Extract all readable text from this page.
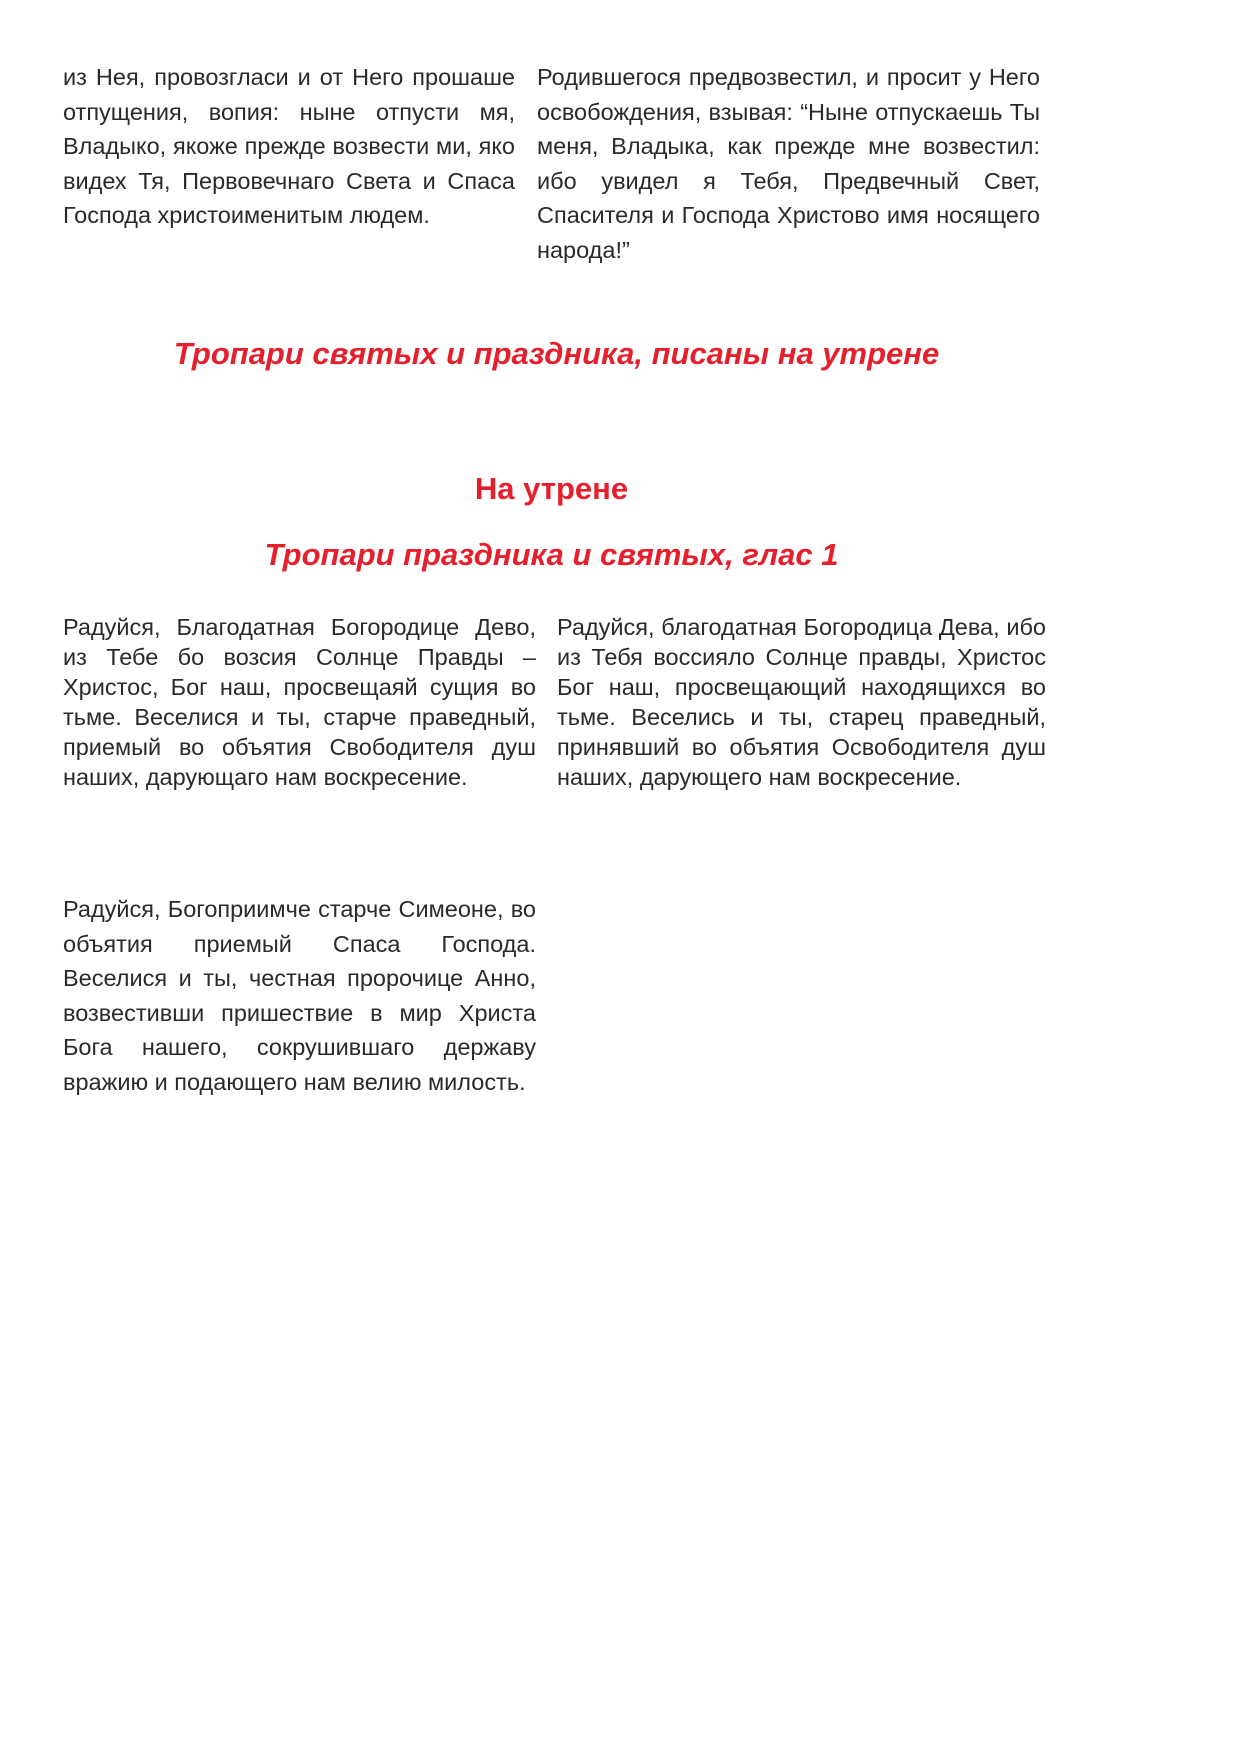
из Нея, провозгласи и от Него прошаше отпущения, вопия: ныне отпусти мя, Владыко, якоже прежде возвести ми, яко видех Тя, Первовечнаго Света и Спаса Господа христоименитым людем.
Родившегося предвозвестил, и просит у Него освобождения, взывая: “Ныне отпускаешь Ты меня, Владыка, как прежде мне возвестил: ибо увидел я Тебя, Предвечный Свет, Спасителя и Господа Христово имя носящего народа!”
Тропари святых и праздника, писаны на утрене
На утрене
Тропари праздника и святых, глас 1
Радуйся, Благодатная Богородице Дево, из Тебе бо возсия Солнце Правды – Христос, Бог наш, просвещаяй сущия во тьме. Веселися и ты, старче праведный, приемый во объятия Свободителя душ наших, дарующаго нам воскресение.
Радуйся, благодатная Богородица Дева, ибо из Тебя воссияло Солнце правды, Христос Бог наш, просвещающий находящихся во тьме. Веселись и ты, старец праведный, принявший во объятия Освободителя душ наших, дарующего нам воскресение.
Радуйся, Богоприимче старче Симеоне, во объятия приемый Спаса Господа. Веселися и ты, честная пророчице Анно, возвестивши пришествие в мир Христа Бога нашего, сокрушившаго державу вражию и подающего нам велию милость.
